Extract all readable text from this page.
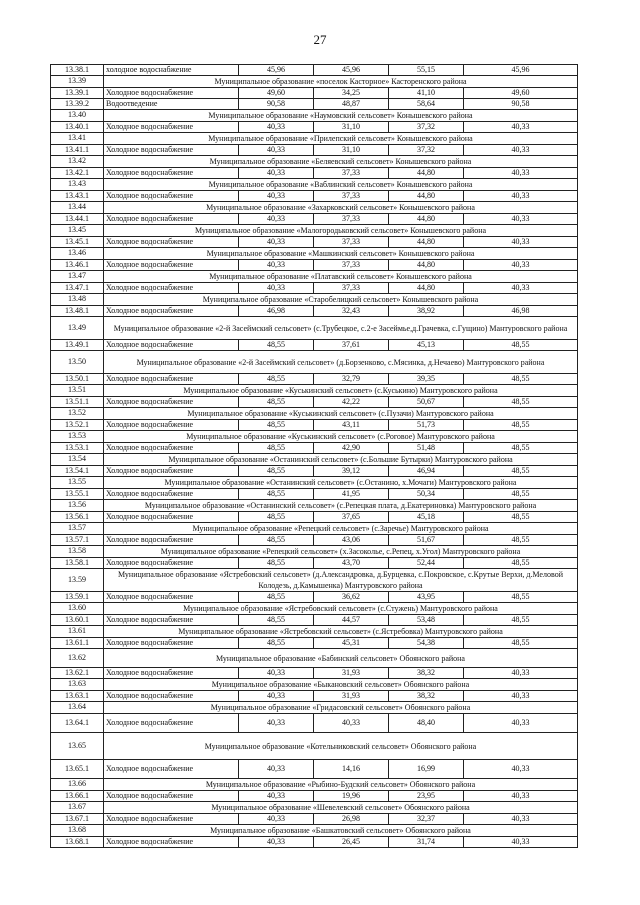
27
13.38.1	холодное водоснабжение	45,96	45,96	55,15	45,96
13.39	Муниципальное образование «поселок Касторное» Касторенского района				
13.39.1	Холодное водоснабжение	49,60	34,25	41,10	49,60
13.39.2	Водоотведение	90,58	48,87	58,64	90,58
13.40	Муниципальное образование «Наумовский сельсовет» Конышевского района				
13.40.1	Холодное водоснабжение	40,33	31,10	37,32	40,33
13.41	Муниципальное образование «Прилепский сельсовет» Конышевского района				
13.41.1	Холодное водоснабжение	40,33	31,10	37,32	40,33
13.42	Муниципальное образование «Беляевский сельсовет» Конышевского района				
13.42.1	Холодное водоснабжение	40,33	37,33	44,80	40,33
13.43	Муниципальное образование «Ваблинский сельсовет» Конышевского района				
13.43.1	Холодное водоснабжение	40,33	37,33	44,80	40,33
13.44	Муниципальное образование «Захарковский сельсовет» Конышевского района				
13.44.1	Холодное водоснабжение	40,33	37,33	44,80	40,33
13.45	Муниципальное образование «Малогородьковский сельсовет» Конышевского района				
13.45.1	Холодное водоснабжение	40,33	37,33	44,80	40,33
13.46	Муниципальное образование «Машкинский сельсовет» Конышевского района				
13.46.1	Холодное водоснабжение	40,33	37,33	44,80	40,33
13.47	Муниципальное образование «Платавский сельсовет» Конышевского района				
13.47.1	Холодное водоснабжение	40,33	37,33	44,80	40,33
13.48	Муниципальное образование «Старобелицкий сельсовет» Конышевского района				
13.48.1	Холодное водоснабжение	46,98	32,43	38,92	46,98
13.49	Муниципальное образование «2-й Засеймский сельсовет» (с.Трубецкое, с.2-е Засеймье,д.Грачевка, с.Гущино) Мантуровского района				
13.49.1	Холодное водоснабжение	48,55	37,61	45,13	48,55
13.50	Муниципальное образование «2-й Засеймский сельсовет» (д.Борзенково, с.Мясинка, д.Нечаево) Мантуровского района				
13.50.1	Холодное водоснабжение	48,55	32,79	39,35	48,55
13.51	Муниципальное образование «Куськинский сельсовет» (с.Куськино) Мантуровского района				
13.51.1	Холодное водоснабжение	48,55	42,22	50,67	48,55
13.52	Муниципальное образование «Куськинский сельсовет» (с.Пузачи) Мантуровского района				
13.52.1	Холодное водоснабжение	48,55	43,11	51,73	48,55
13.53	Муниципальное образование «Куськинский сельсовет» (с.Роговое) Мантуровского района				
13.53.1	Холодное водоснабжение	48,55	42,90	51,48	48,55
13.54	Муниципальное образование «Останинский сельсовет» (с.Большие Бутырки) Мантуровского района				
13.54.1	Холодное водоснабжение	48,55	39,12	46,94	48,55
13.55	Муниципальное образование «Останинский сельсовет» (с.Останино, х.Мочаги) Мантуровского района				
13.55.1	Холодное водоснабжение	48,55	41,95	50,34	48,55
13.56	Муниципальное образование «Останинский сельсовет» (с.Репецкая плата, д.Екатериновка) Мантуровского района				
13.56.1	Холодное водоснабжение	48,55	37,65	45,18	48,55
13.57	Муниципальное образование «Репецкий сельсовет» (с.Заречье) Мантуровского района				
13.57.1	Холодное водоснабжение	48,55	43,06	51,67	48,55
13.58	Муниципальное образование «Репецкий сельсовет» (х.Засоколье, с.Репец, х.Угол) Мантуровского района				
13.58.1	Холодное водоснабжение	48,55	43,70	52,44	48,55
13.59	Муниципальное образование «Ястребовский сельсовет» (д.Александровка, д.Бурцевка, с.Покровское, с.Крутые Верхи, д.Меловой Колодезь, д.Камышенка) Мантуровского района				
13.59.1	Холодное водоснабжение	48,55	36,62	43,95	48,55
13.60	Муниципальное образование «Ястребовский сельсовет» (с.Стужень) Мантуровского района				
13.60.1	Холодное водоснабжение	48,55	44,57	53,48	48,55
13.61	Муниципальное образование «Ястребовский сельсовет» (с.Ястребовка) Мантуровского района				
13.61.1	Холодное водоснабжение	48,55	45,31	54,38	48,55
13.62	Муниципальное образование «Бабинский сельсовет» Обоянского района				
13.62.1	Холодное водоснабжение	40,33	31,93	38,32	40,33
13.63	Муниципальное образование «Быкановский сельсовет» Обоянского района				
13.63.1	Холодное водоснабжение	40,33	31,93	38,32	40,33
13.64	Муниципальное образование «Гридасовский сельсовет» Обоянского района				
13.64.1	Холодное водоснабжение	40,33	40,33	48,40	40,33
13.65	Муниципальное образование «Котельниковский сельсовет» Обоянского района				
13.65.1	Холодное водоснабжение	40,33	14,16	16,99	40,33
13.66	Муниципальное образование «Рыбино-Будский сельсовет» Обоянского района				
13.66.1	Холодное водоснабжение	40,33	19,96	23,95	40,33
13.67	Муниципальное образование «Шевелевский сельсовет» Обоянского района				
13.67.1	Холодное водоснабжение	40,33	26,98	32,37	40,33
13.68	Муниципальное образование «Башкатовский сельсовет» Обоянского района				
13.68.1	Холодное водоснабжение	40,33	26,45	31,74	40,33
